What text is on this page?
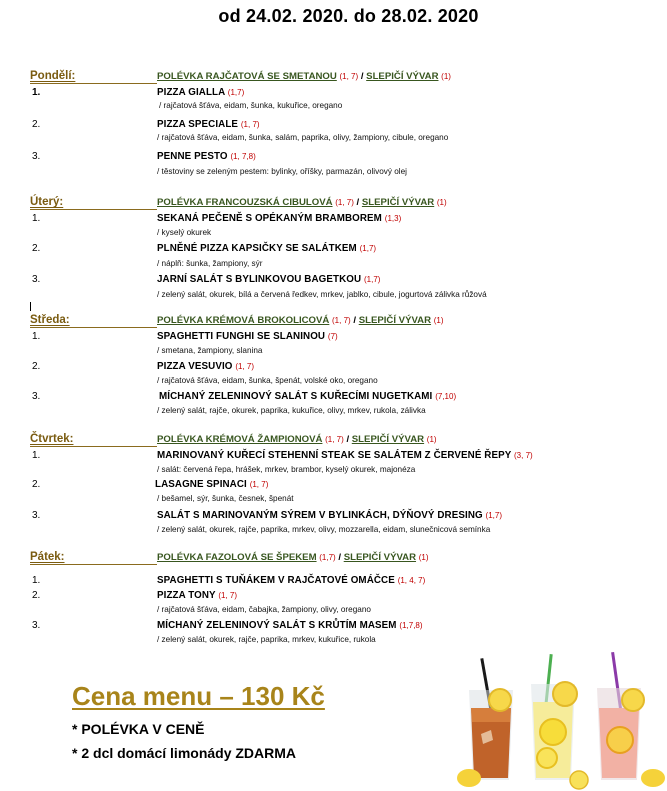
od 24.02. 2020. do 28.02. 2020
Pondělí:	POLÉVKA RAJČATOVÁ SE SMETANOU (1, 7) / SLEPIČÍ VÝVAR (1)
1.	PIZZA GIALLA (1,7)
/ rajčatová šťáva, eidam, šunka, kukuřice, oregano
2.	PIZZA SPECIALE (1, 7)
/ rajčatová šťáva, eidam, šunka, salám, paprika, olivy, žampiony, cibule, oregano
3.	PENNE PESTO (1, 7,8)
/ těstoviny se zeleným pestem: bylinky, oříšky, parmazán, olivový olej
Úterý:	POLÉVKA FRANCOUZSKÁ CIBULOVÁ (1, 7) / SLEPIČÍ VÝVAR (1)
1.	SEKANÁ PEČENĚ S OPÉKANÝM BRAMBOREM (1,3)
/ kyselý okurek
2.	PLNĚNÉ PIZZA KAPSIČKY SE SALÁTKEM (1,7)
/ náplň: šunka, žampiony, sýr
3.	JARNÍ SALÁT S BYLINKOVOU BAGETKOU (1,7)
/ zelený salát, okurek, bílá a červená ředkev, mrkev, jablko, cibule, jogurtová zálivka růžová
Středa:	POLÉVKA KRÉMOVÁ BROKOLICOVÁ (1, 7) / SLEPIČÍ VÝVAR (1)
1.	SPAGHETTI FUNGHI SE SLANINOU (7)
/ smetana, žampiony, slanina
2.	PIZZA VESUVIO (1, 7)
/ rajčatová šťáva, eidam, šunka, špenát, volské oko, oregano
3.	MÍCHANÝ ZELENINOVÝ SALÁT S KUŘECÍMI NUGETKAMI (7,10)
/ zelený salát, rajče, okurek, paprika, kukuřice, olivy, mrkev, rukola, zálivka
Čtvrtek:	POLÉVKA KRÉMOVÁ ŽAMPIONOVÁ (1, 7) / SLEPIČÍ VÝVAR (1)
1.	MARINOVANÝ KUŘECÍ STEHENNÍ STEAK SE SALÁTEM Z ČERVENÉ ŘEPY (3, 7)
/ salát: červená řepa, hrášek, mrkev, brambor, kyselý okurek, majonéza
2.	LASAGNE SPINACI (1, 7)
/ bešamel, sýr, šunka, česnek, špenát
3.	SALÁT S MARINOVANÝM SÝREM V BYLINKÁCH, DÝŇOVÝ DRESING (1,7)
/ zelený salát, okurek, rajče, paprika, mrkev, olivy, mozzarella, eidam, slunečnicová semínka
Pátek:	POLÉVKA FAZOLOVÁ SE ŠPEKEM (1,7) / SLEPIČÍ VÝVAR (1)
1.	SPAGHETTI S TUŇÁKEM V RAJČATOVÉ OMÁČCE (1, 4, 7)
2.	PIZZA TONY (1, 7)
/ rajčatová šťáva, eidam, čabajka, žampiony, olivy, oregano
3.	MÍCHANÝ ZELENINOVÝ SALÁT S KRŮTÍM MASEM (1,7,8)
/ zelený salát, okurek, rajče, paprika, mrkev, kukuřice, rukola
Cena menu – 130 Kč
* POLÉVKA V CENĚ
* 2 dcl domácí limonády ZDARMA
